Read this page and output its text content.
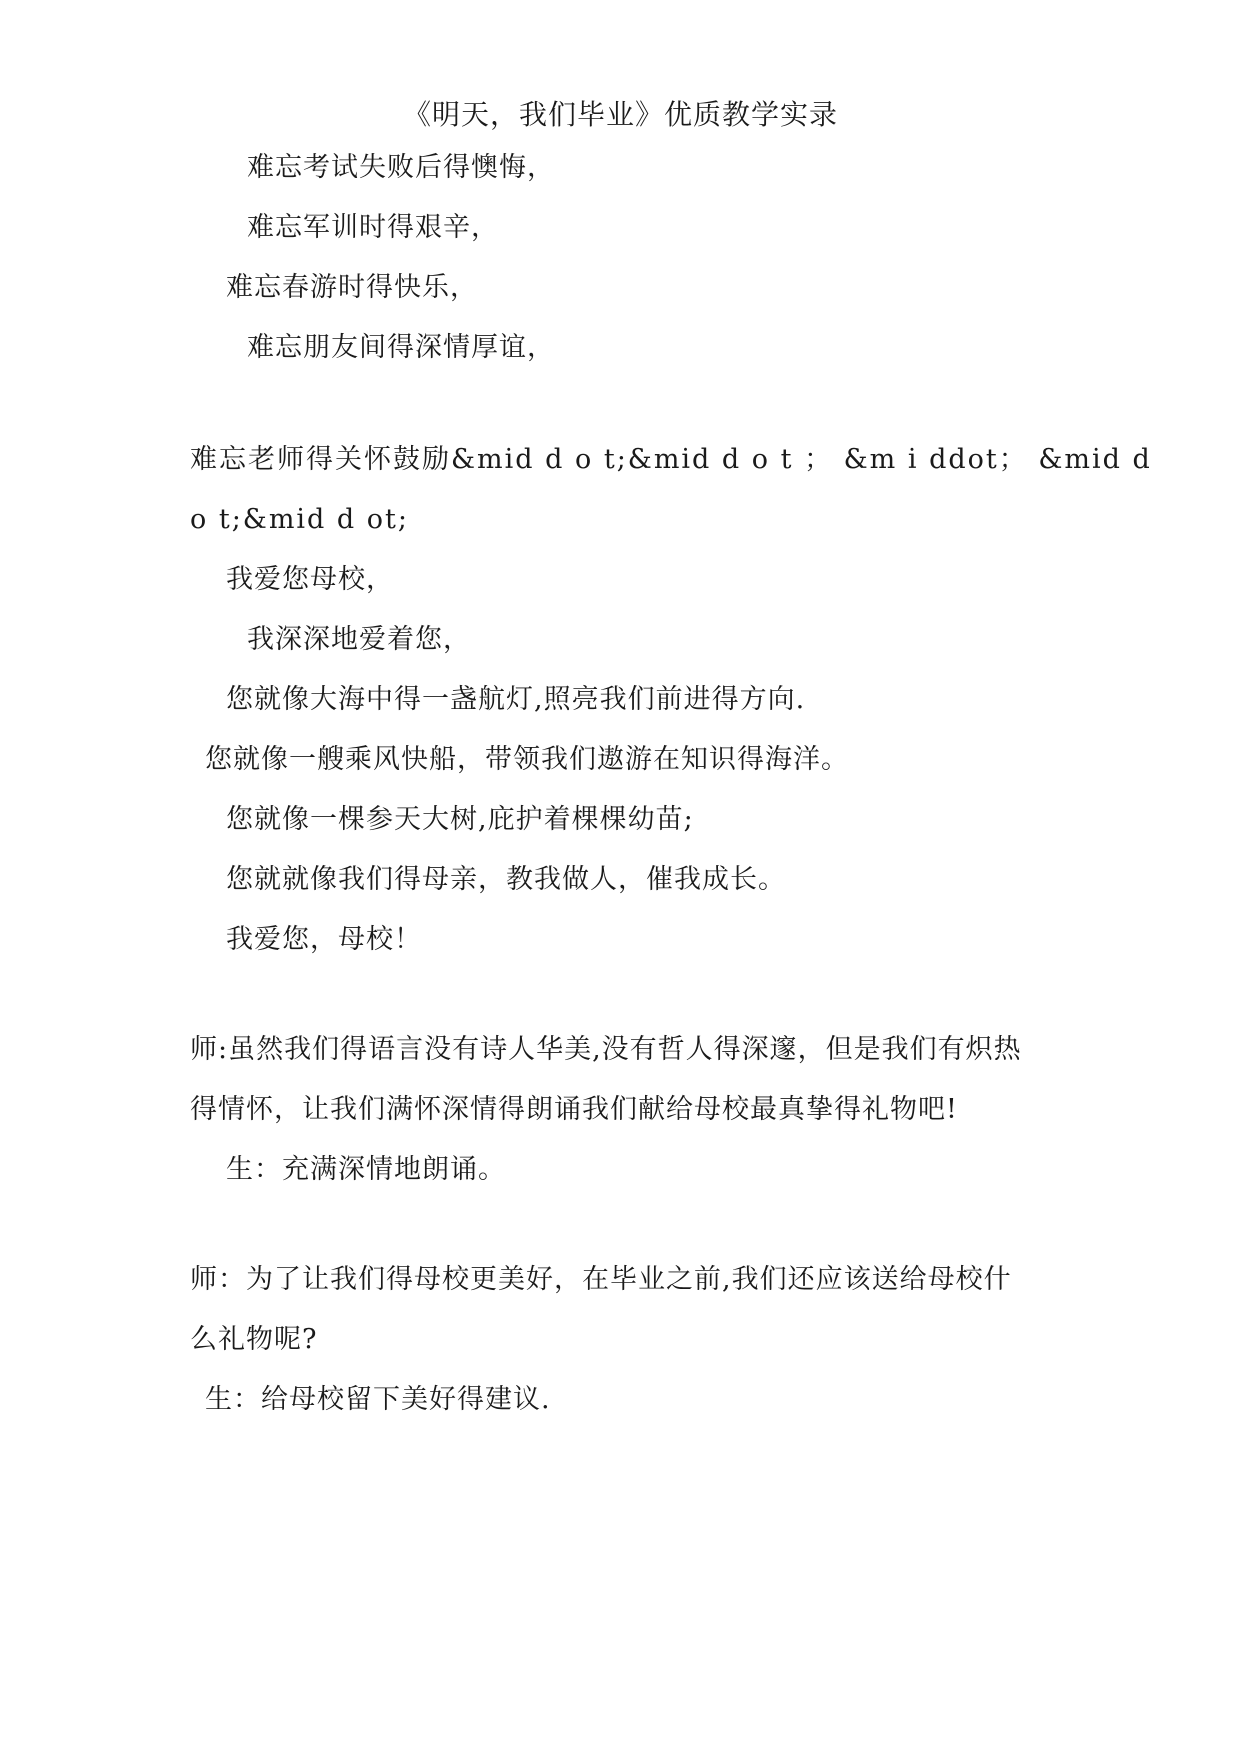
《明天，我们毕业》优质教学实录
难忘考试失败后得懊悔，
难忘军训时得艰辛，
难忘春游时得快乐，
难忘朋友间得深情厚谊，
难忘老师得关怀鼓励&mid d o t;&mid d o t ； &m i ddot； &mid d
o t;&mid d ot;
我爱您母校，
我深深地爱着您，
您就像大海中得一盏航灯,照亮我们前进得方向.
您就像一艘乘风快船，带领我们遨游在知识得海洋。
您就像一棵参天大树,庇护着棵棵幼苗;
您就就像我们得母亲，教我做人，催我成长。
我爱您，母校！
师:虽然我们得语言没有诗人华美,没有哲人得深邃，但是我们有炽热
得情怀，让我们满怀深情得朗诵我们献给母校最真挚得礼物吧!
生：充满深情地朗诵。
师：为了让我们得母校更美好，在毕业之前,我们还应该送给母校什
么礼物呢?
生：给母校留下美好得建议.
